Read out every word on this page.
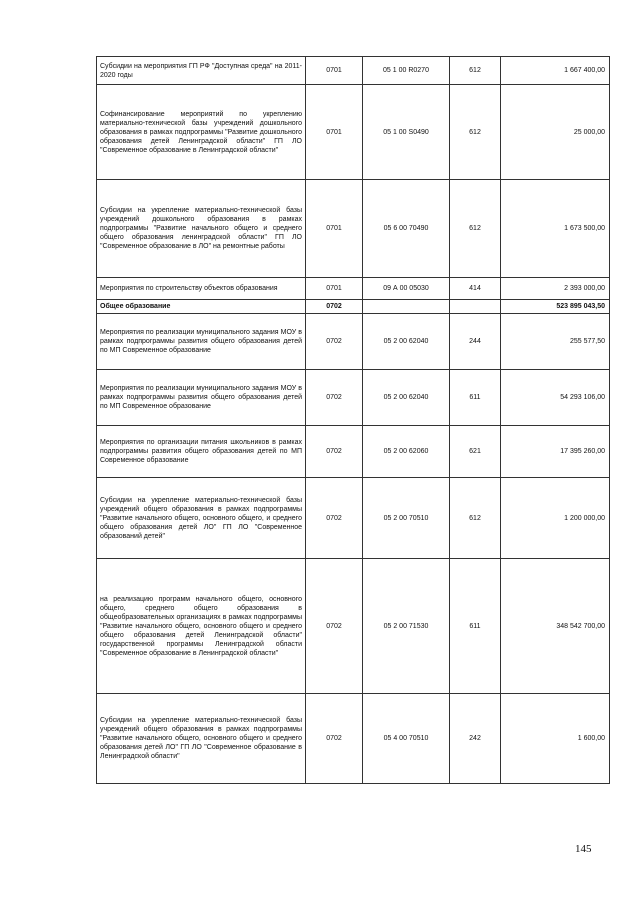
Субсидии на мероприятия ГП РФ "Доступная среда" на 2011-2020 годы	0701	05 1 00 R0270	612	1 667 400,00
Софинансирование мероприятий по укреплению материально-технической базы учреждений дошкольного образования в рамках подпрограммы "Развитие дошкольного образования детей Ленинградской области" ГП ЛО "Современное образование в Ленинградской области"	0701	05 1 00 S0490	612	25 000,00
Субсидии на укрепление материально-технической базы учреждений дошкольного образования в рамках подпрограммы "Развитие начального общего и среднего общего образования ленинградской области" ГП ЛО "Современное образование в ЛО" на ремонтные работы	0701	05 6 00 70490	612	1 673 500,00
Мероприятия по строительству объектов образования	0701	09 А 00 05030	414	2 393 000,00
Общее образование	0702			523 895 043,50
Мероприятия по реализации муниципального задания МОУ в рамках подпрограммы развития общего образования детей по МП Современное образование	0702	05 2 00 62040	244	255 577,50
Мероприятия по реализации муниципального задания МОУ в рамках подпрограммы развития общего образования детей по МП Современное образование	0702	05 2 00 62040	611	54 293 106,00
Мероприятия по организации питания школьников в рамках подпрограммы развития общего образования детей по МП Современное образование	0702	05 2 00 62060	621	17 395 260,00
Субсидии на укрепление материально-технической базы учреждений общего образования в рамках подпрограммы "Развитие начального общего, основного общего, и среднего общего образования детей ЛО" ГП ЛО "Современное образований детей"	0702	05 2 00 70510	612	1 200 000,00
на реализацию программ начального общего, основного общего, среднего общего образования в общеобразовательных организациях в рамках подпрограммы "Развитие начального общего, основного общего и среднего общего образования детей Ленинградской области" государственной программы Ленинградской области "Современное образование в Ленинградской области"	0702	05 2 00 71530	611	348 542 700,00
Субсидии на укрепление материально-технической базы учреждений общего образования в рамках подпрограммы "Развитие начального общего, основного общего и среднего образования детей ЛО" ГП ЛО "Современное образование в Ленинградской области"	0702	05 4 00 70510	242	1 600,00
145
